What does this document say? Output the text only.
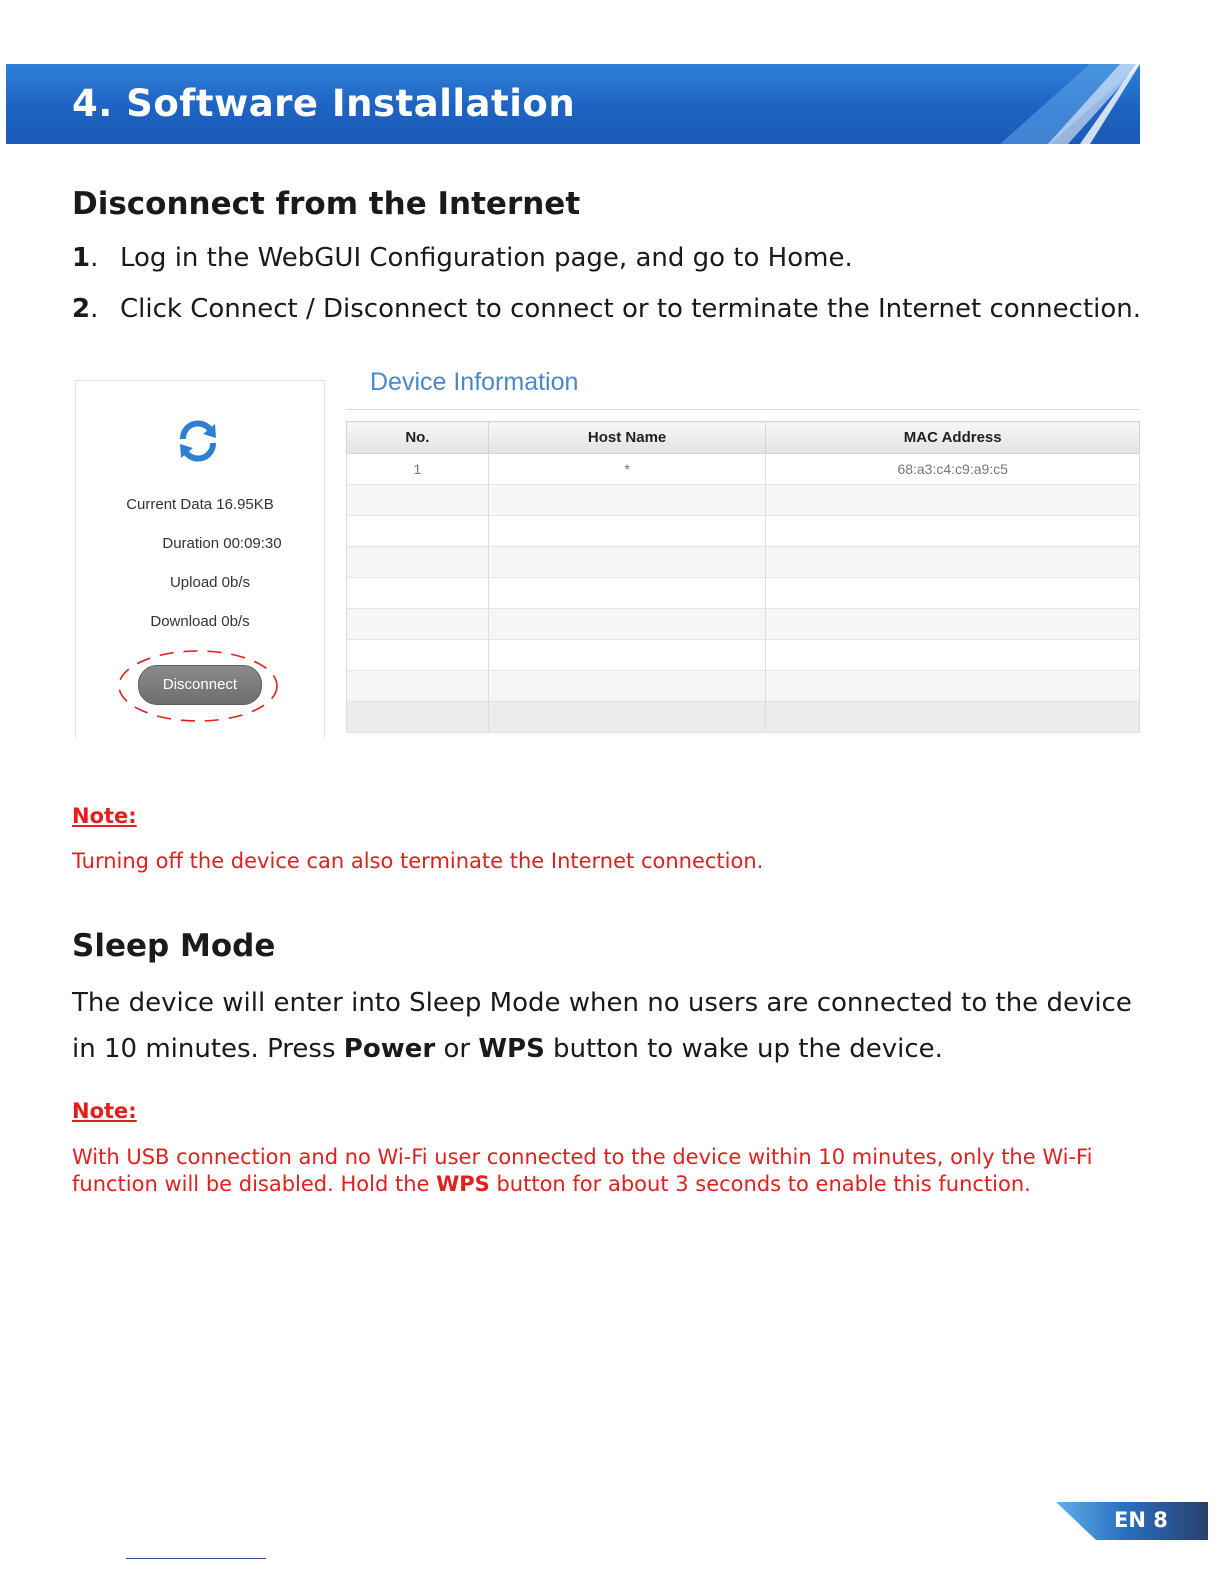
4. Software Installation
Disconnect from the Internet
1. Log in the WebGUI Configuration page, and go to Home.
2. Click Connect / Disconnect to connect or to terminate the Internet connection.
Current Data 16.95KB
Duration 00:09:30
Upload 0b/s
Download 0b/s
Disconnect
Device Information
No.	Host Name	MAC Address
1	*	68:a3:c4:c9:a9:c5

Note:
Turning off the device can also terminate the Internet connection.
Sleep Mode
The device will enter into Sleep Mode when no users are connected to the device in 10 minutes. Press Power or WPS button to wake up the device.
Note:
With USB connection and no Wi-Fi user connected to the device within 10 minutes, only the Wi-Fi function will be disabled. Hold the WPS button for about 3 seconds to enable this function.
EN 8
